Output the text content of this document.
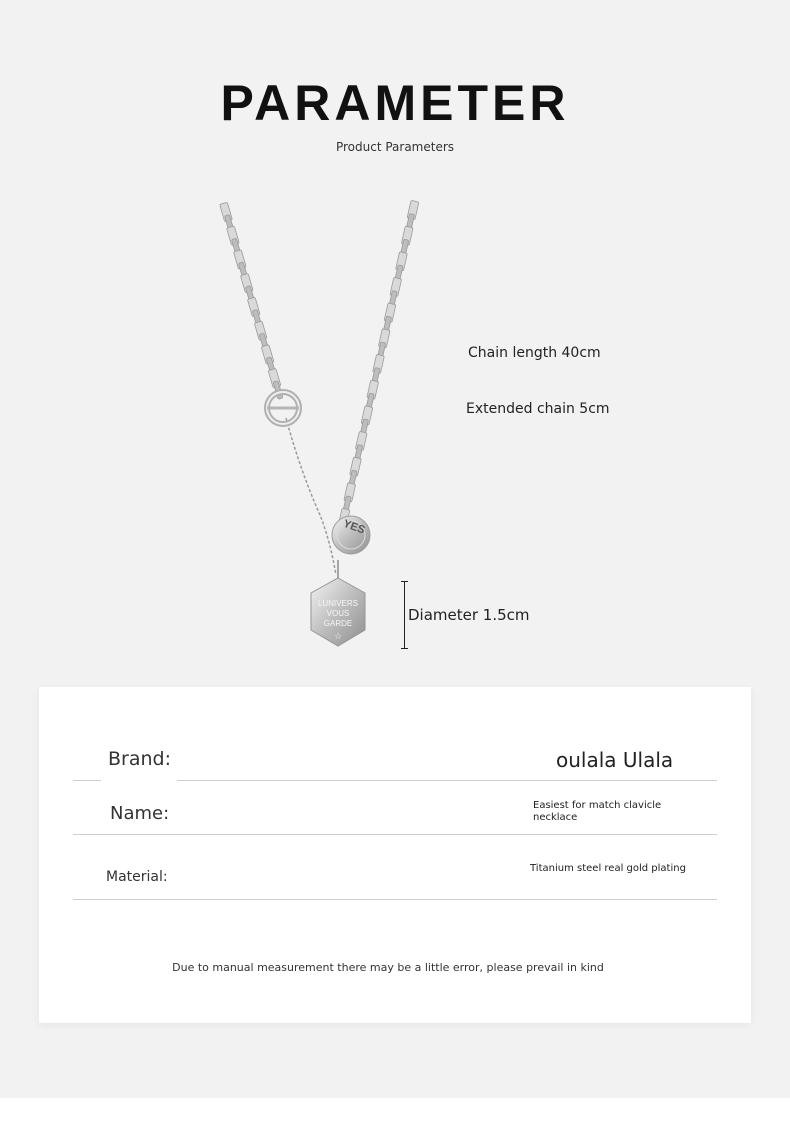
PARAMETER
Product Parameters
YES
LUNIVERS
VOUS
GARDE
☆
Chain length 40cm
Extended chain 5cm
Diameter 1.5cm
Brand:	oulala Ulala
Name:	Easiest for match clavicle necklace
Material:
Titanium steel real gold plating
Due to manual measurement there may be a little error, please prevail in kind
